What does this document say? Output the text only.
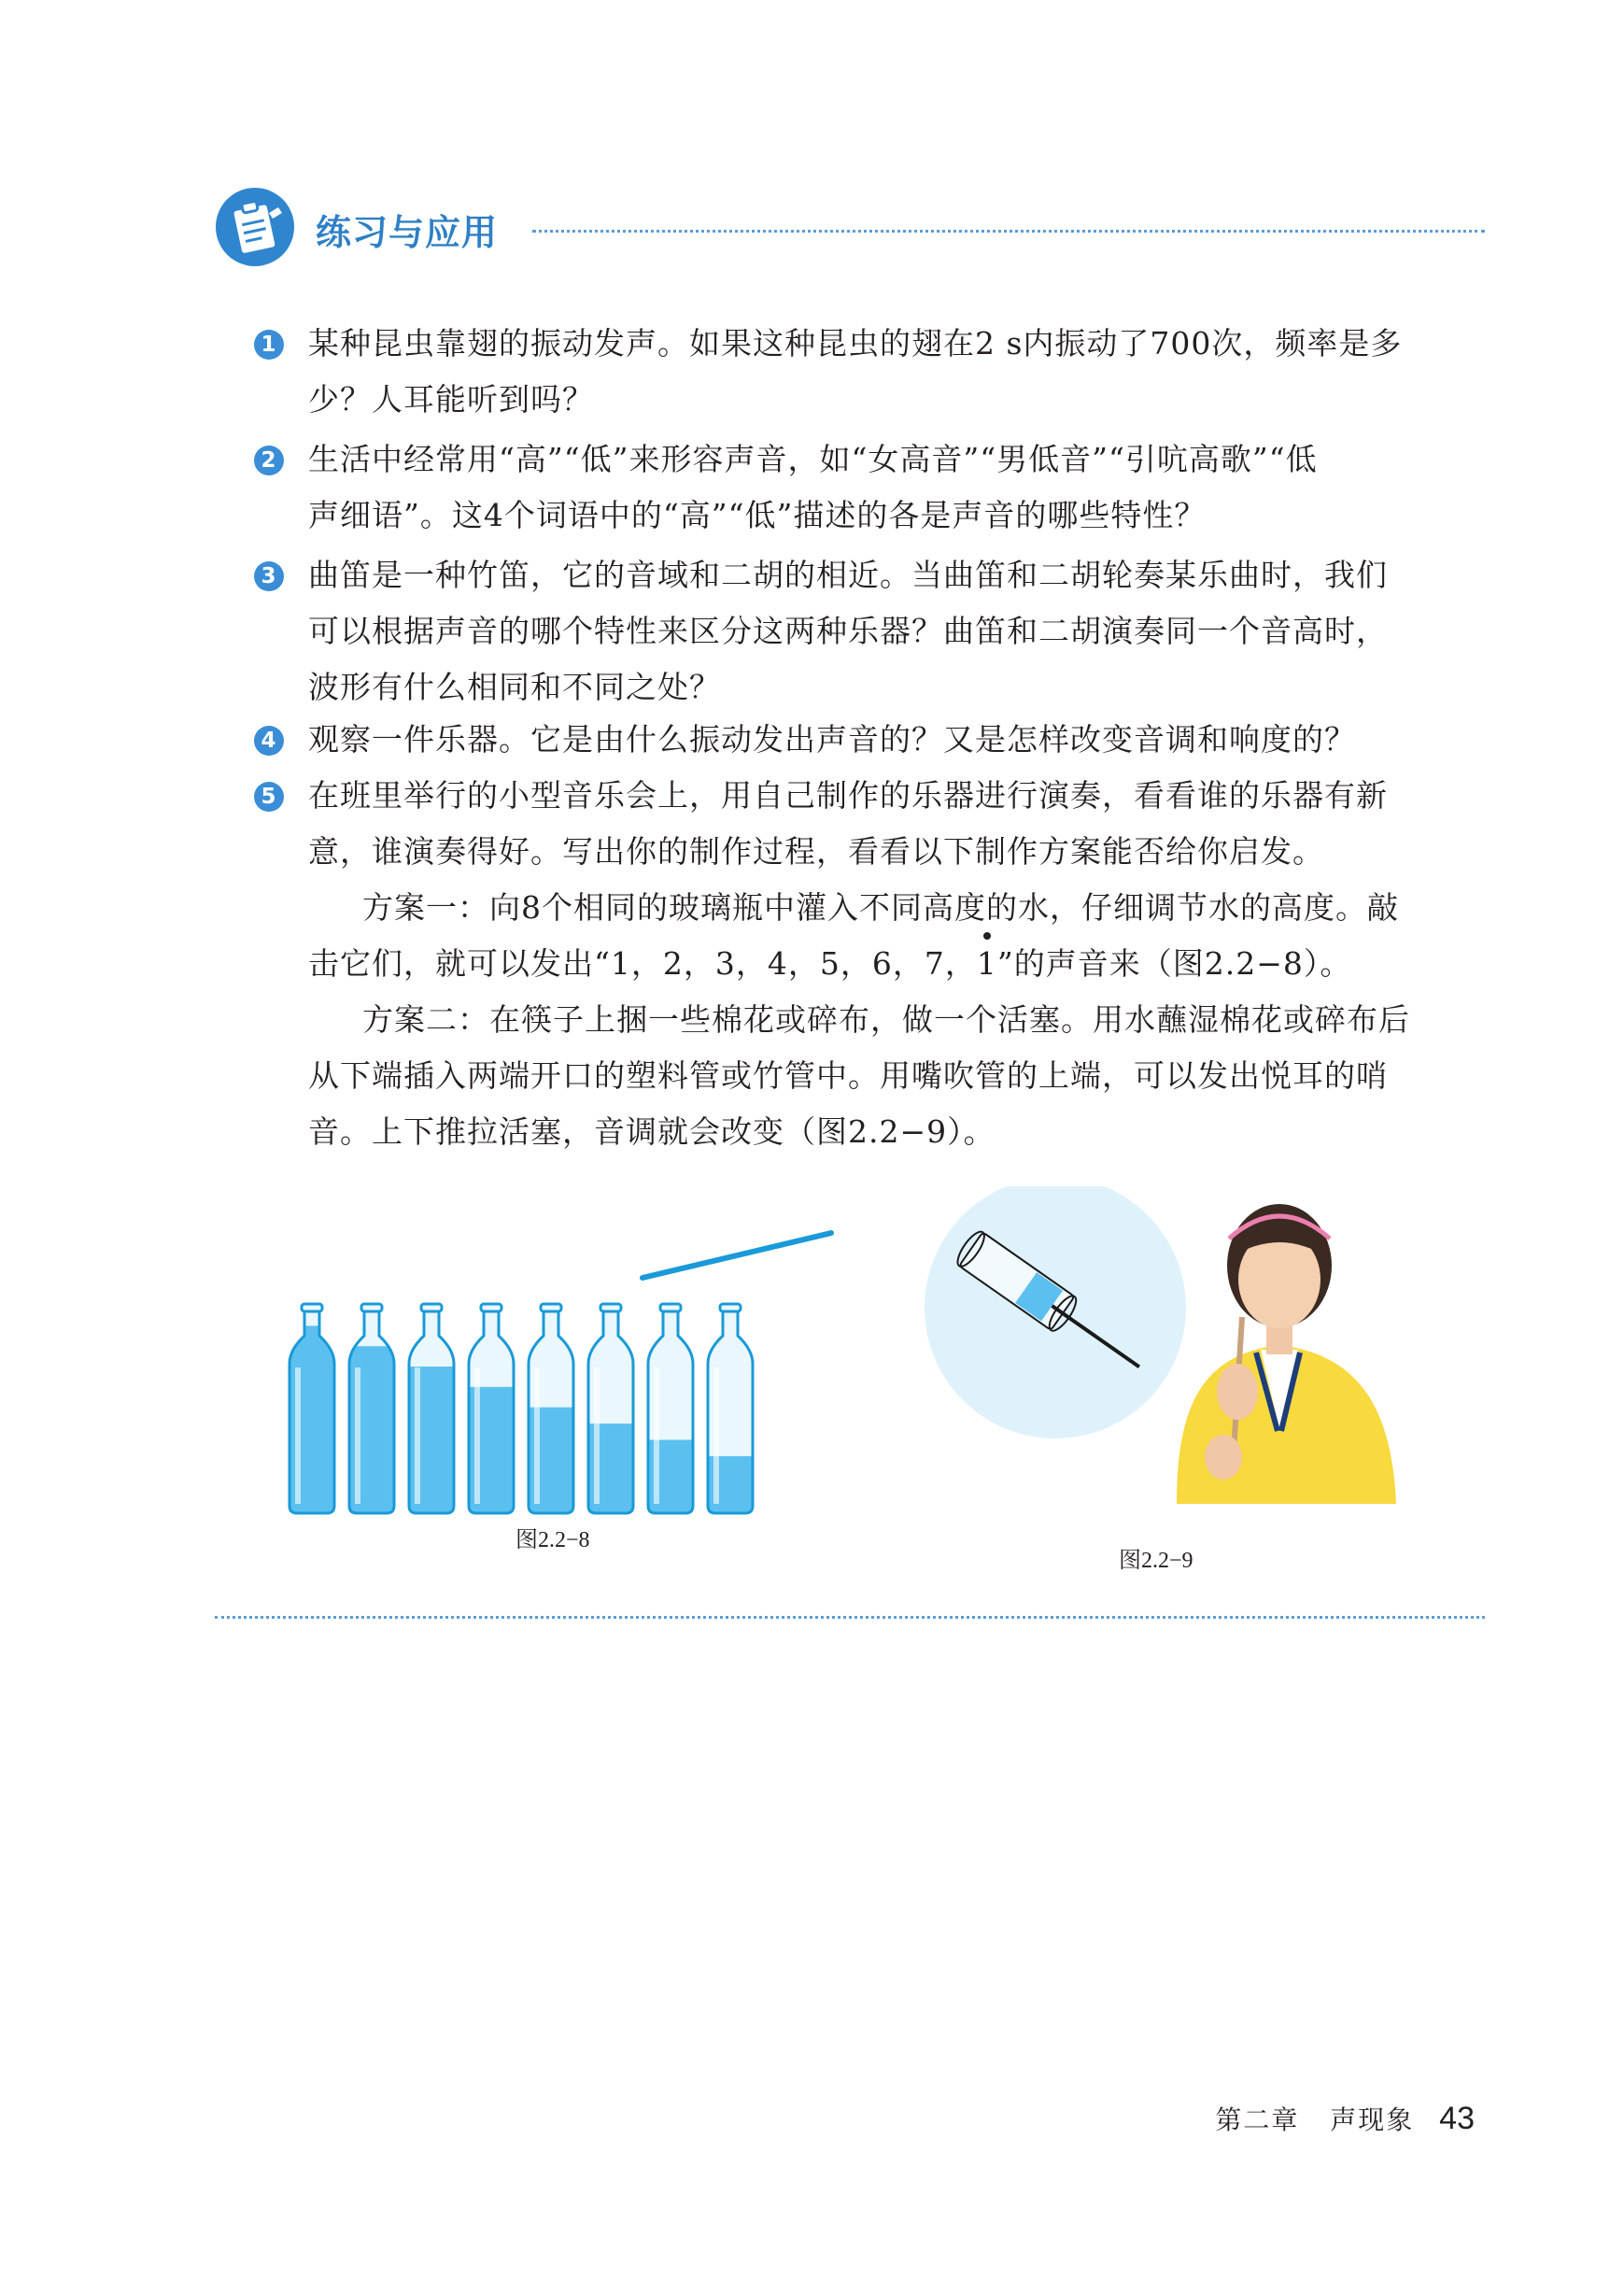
练习与应用
1	某种昆虫靠翅的振动发声。如果这种昆虫的翅在2 s内振动了700次，频率是多
少？人耳能听到吗？
2	生活中经常用“高”“低”来形容声音，如“女高音”“男低音”“引吭高歌”“低
声细语”。这4个词语中的“高”“低”描述的各是声音的哪些特性？
3	曲笛是一种竹笛，它的音域和二胡的相近。当曲笛和二胡轮奏某乐曲时，我们
可以根据声音的哪个特性来区分这两种乐器？曲笛和二胡演奏同一个音高时，
波形有什么相同和不同之处？
4	观察一件乐器。它是由什么振动发出声音的？又是怎样改变音调和响度的？
5	在班里举行的小型音乐会上，用自己制作的乐器进行演奏，看看谁的乐器有新
意，谁演奏得好。写出你的制作过程，看看以下制作方案能否给你启发。
方案一：向8个相同的玻璃瓶中灌入不同高度的水，仔细调节水的高度。敲
击它们，就可以发出“1，2，3，4，5，6，7，1”的声音来（图2.2−8）。
方案二：在筷子上捆一些棉花或碎布，做一个活塞。用水蘸湿棉花或碎布后
从下端插入两端开口的塑料管或竹管中。用嘴吹管的上端，可以发出悦耳的哨
音。上下推拉活塞，音调就会改变（图2.2−9）。
图2.2−8
图2.2−9
第二章 声现象 43
